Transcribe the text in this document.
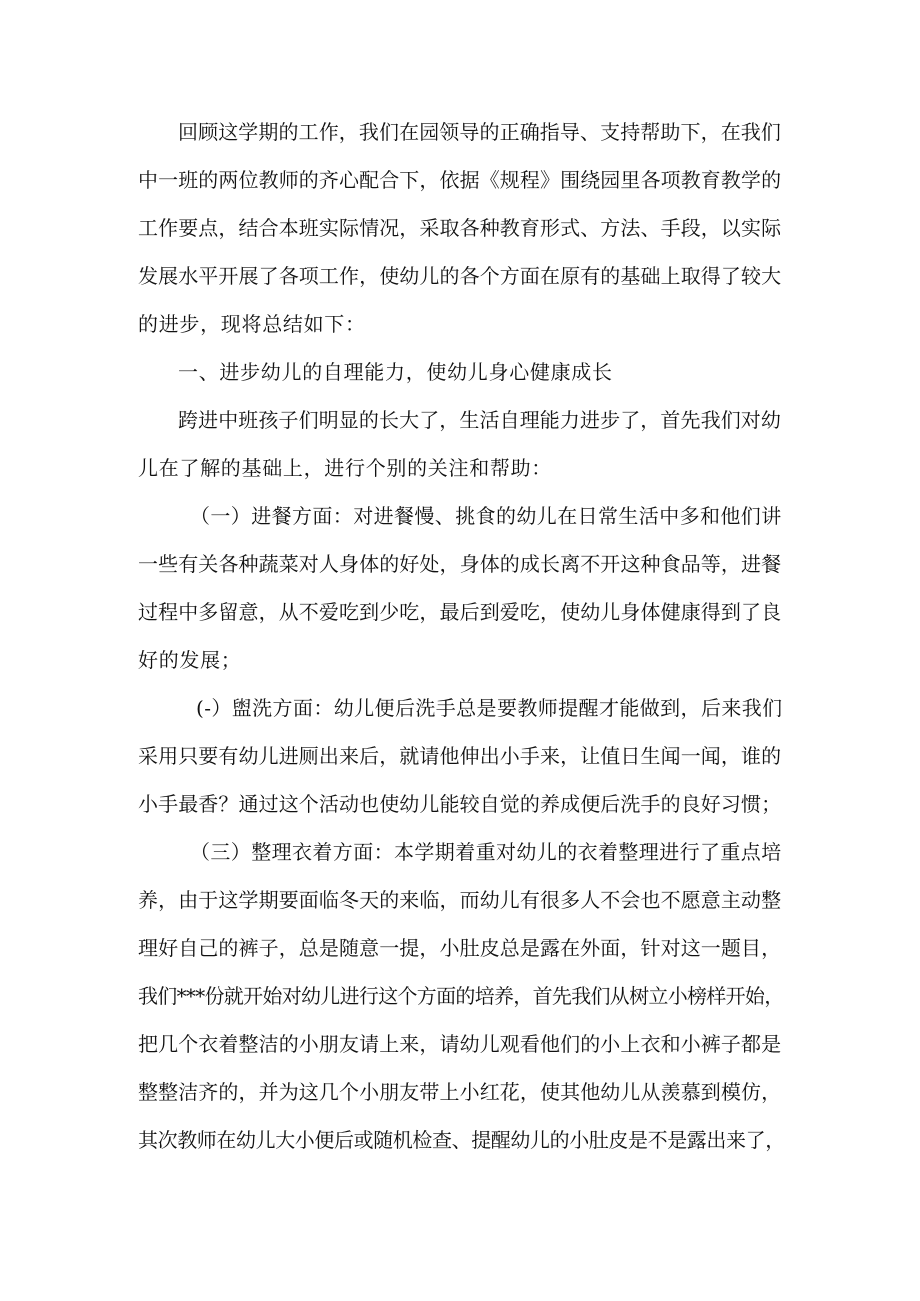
回顾这学期的工作，我们在园领导的正确指导、支持帮助下，在我们
中一班的两位教师的齐心配合下，依据《规程》围绕园里各项教育教学的
工作要点，结合本班实际情况，采取各种教育形式、方法、手段，以实际
发展水平开展了各项工作，使幼儿的各个方面在原有的基础上取得了较大
的进步，现将总结如下：
一、进步幼儿的自理能力，使幼儿身心健康成长
跨进中班孩子们明显的长大了，生活自理能力进步了，首先我们对幼
儿在了解的基础上，进行个别的关注和帮助：
（一）进餐方面：对进餐慢、挑食的幼儿在日常生活中多和他们讲
一些有关各种蔬菜对人身体的好处，身体的成长离不开这种食品等，进餐
过程中多留意，从不爱吃到少吃，最后到爱吃，使幼儿身体健康得到了良
好的发展；
(-）盥洗方面：幼儿便后洗手总是要教师提醒才能做到，后来我们
采用只要有幼儿进厕出来后，就请他伸出小手来，让值日生闻一闻，谁的
小手最香？通过这个活动也使幼儿能较自觉的养成便后洗手的良好习惯；
（三）整理衣着方面：本学期着重对幼儿的衣着整理进行了重点培
养，由于这学期要面临冬天的来临，而幼儿有很多人不会也不愿意主动整
理好自己的裤子，总是随意一提，小肚皮总是露在外面，针对这一题目，
我们***份就开始对幼儿进行这个方面的培养，首先我们从树立小榜样开始，
把几个衣着整洁的小朋友请上来，请幼儿观看他们的小上衣和小裤子都是
整整洁齐的，并为这几个小朋友带上小红花，使其他幼儿从羡慕到模仿，
其次教师在幼儿大小便后或随机检查、提醒幼儿的小肚皮是不是露出来了，
